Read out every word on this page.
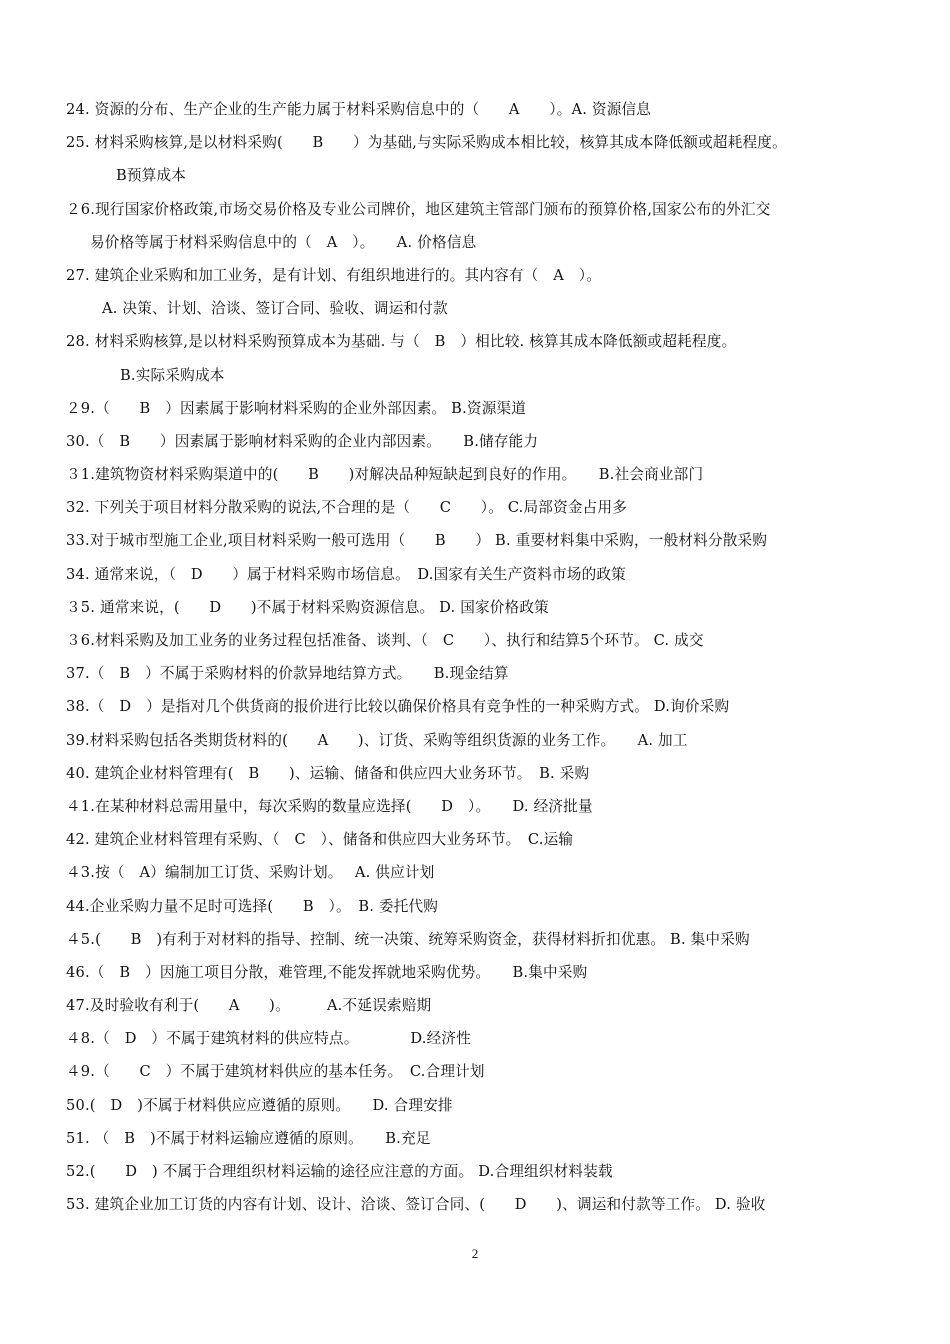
24. 资源的分布、生产企业的生产能力属于材料采购信息中的（　　A　　）。A. 资源信息
25. 材料采购核算,是以材料采购(　　B　　）为基础,与实际采购成本相比较，核算其成本降低额或超耗程度。
B预算成本
２6.现行国家价格政策,市场交易价格及专业公司牌价，地区建筑主管部门颁布的预算价格,国家公布的外汇交
易价格等属于材料采购信息中的（　A　）。　　A. 价格信息
27. 建筑企业采购和加工业务，是有计划、有组织地进行的。其内容有（　A　）。
A. 决策、计划、洽谈、签订合同、验收、调运和付款
28. 材料采购核算,是以材料采购预算成本为基础. 与（　B　）相比较. 核算其成本降低额或超耗程度。
B.实际采购成本
２9.（　　B　）因素属于影响材料采购的企业外部因素。 B.资源渠道
30.（　B　　）因素属于影响材料采购的企业内部因素。　　B.储存能力
３1.建筑物资材料采购渠道中的(　　B　　)对解决品种短缺起到良好的作用。　　B.社会商业部门
32. 下列关于项目材料分散采购的说法,不合理的是（　　C　　）。 C.局部资金占用多
33.对于城市型施工企业,项目材料采购一般可选用（　　B　　） B. 重要材料集中采购，一般材料分散采购
34. 通常来说，（　D　　）属于材料采购市场信息。　D.国家有关生产资料市场的政策
３5. 通常来说，(　　D　　)不属于材料采购资源信息。 D. 国家价格政策
３6.材料采购及加工业务的业务过程包括准备、谈判、（　C　　）、执行和结算5个环节。 C. 成交
37.（　B　）不属于采购材料的价款异地结算方式。　　B.现金结算
38.（　D　）是指对几个供货商的报价进行比较以确保价格具有竞争性的一种采购方式。 D.询价采购
39.材料采购包括各类期货材料的(　　A　　)、订货、采购等组织货源的业务工作。　　A. 加工
40. 建筑企业材料管理有(　B　　)、运输、储备和供应四大业务环节。　B. 采购
４1.在某种材料总需用量中，每次采购的数量应选择(　　D　）。　　D. 经济批量
42. 建筑企业材料管理有采购、（　C　）、储备和供应四大业务环节。　C.运输
４3.按（　A）编制加工订货、采购计划。　 A. 供应计划
44.企业采购力量不足时可选择(　　B　）。　B. 委托代购
４5.(　　B　)有利于对材料的指导、控制、统一决策、统筹采购资金，获得材料折扣优惠。 B. 集中采购
46.（　B　）因施工项目分散，难管理,不能发挥就地采购优势。　　B.集中采购
47.及时验收有利于(　　A　　)。　　　A.不延误索赔期
４8.（　D　）不属于建筑材料的供应特点。　　　　D.经济性
４9.（　　C　）不属于建筑材料供应的基本任务。　C.合理计划
50.(　D　)不属于材料供应应遵循的原则。　　D. 合理安排
51. （　B　)不属于材料运输应遵循的原则。　　B.充足
52.(　　D　) 不属于合理组织材料运输的途径应注意的方面。 D.合理组织材料装载
53. 建筑企业加工订货的内容有计划、设计、洽谈、签订合同、(　　D　　)、调运和付款等工作。 D. 验收
2
